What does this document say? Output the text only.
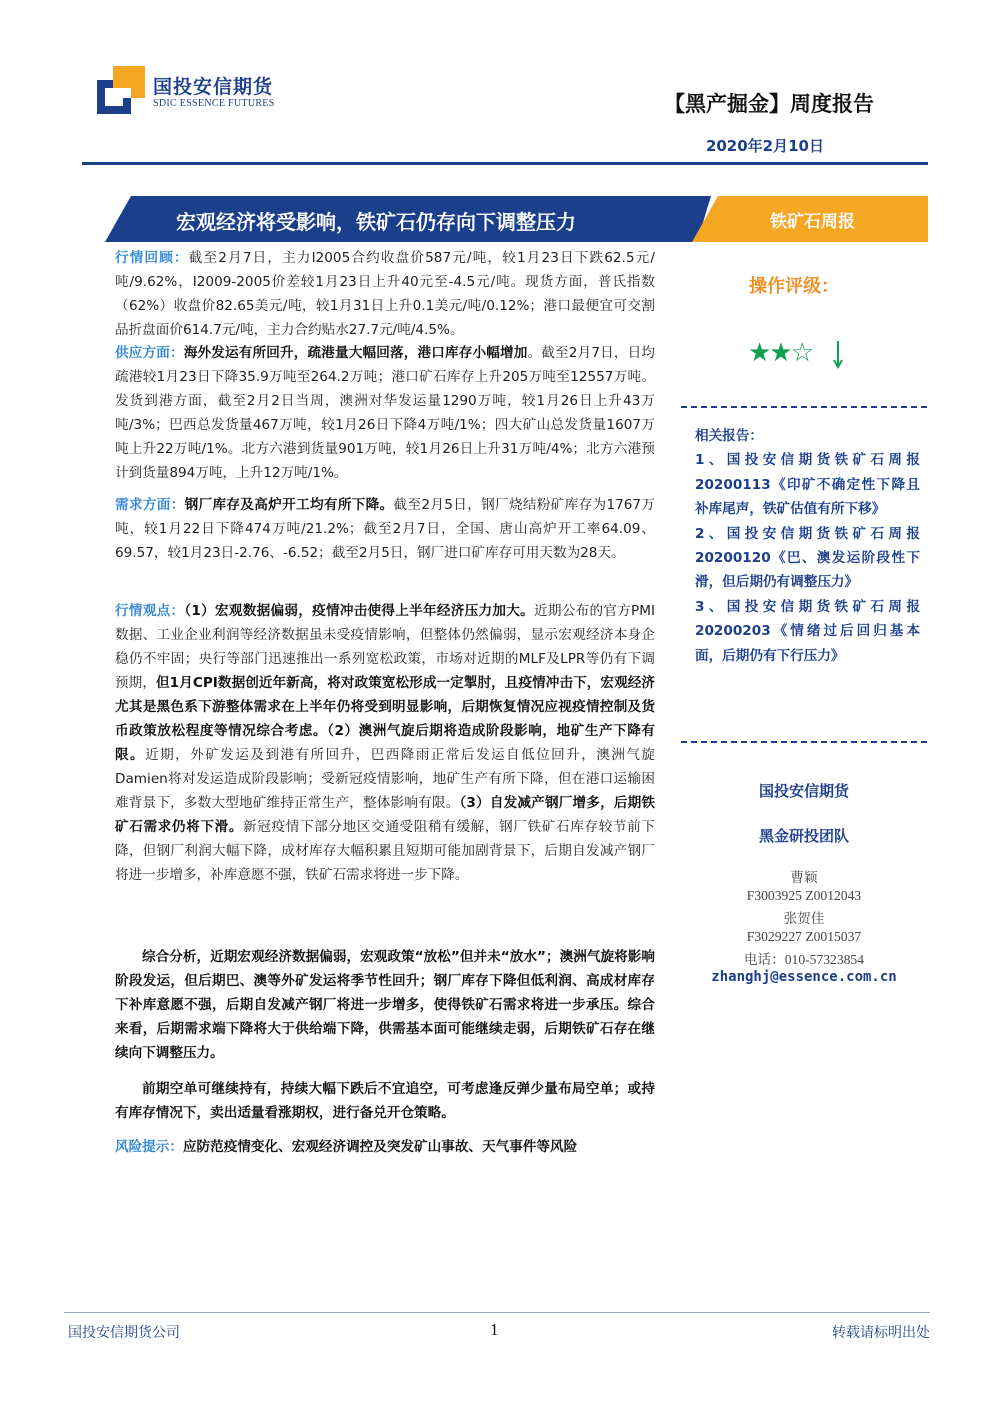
国投安信期货
SDIC ESSENCE FUTURES	【黑产掘金】周度报告
2020年2月10日
宏观经济将受影响，铁矿石仍存向下调整压力	铁矿石周报
行情回顾：截至2月7日，主力I2005合约收盘价587元/吨，较1月23日下跌62.5元/吨/9.62%，I2009-2005价差较1月23日上升40元至-4.5元/吨。现货方面，普氏指数（62%）收盘价82.65美元/吨，较1月31日上升0.1美元/吨/0.12%；港口最便宜可交割品折盘面价614.7元/吨，主力合约贴水27.7元/吨/4.5%。
供应方面：海外发运有所回升，疏港量大幅回落，港口库存小幅增加。截至2月7日，日均疏港较1月23日下降35.9万吨至264.2万吨；港口矿石库存上升205万吨至12557万吨。发货到港方面，截至2月2日当周，澳洲对华发运量1290万吨，较1月26日上升43万吨/3%；巴西总发货量467万吨，较1月26日下降4万吨/1%；四大矿山总发货量1607万吨上升22万吨/1%。北方六港到货量901万吨，较1月26日上升31万吨/4%；北方六港预计到货量894万吨，上升12万吨/1%。
需求方面：钢厂库存及高炉开工均有所下降。截至2月5日，钢厂烧结粉矿库存为1767万吨，较1月22日下降474万吨/21.2%；截至2月7日，全国、唐山高炉开工率64.09、69.57，较1月23日-2.76、-6.52；截至2月5日，钢厂进口矿库存可用天数为28天。
行情观点：（1）宏观数据偏弱，疫情冲击使得上半年经济压力加大。近期公布的官方PMI数据、工业企业利润等经济数据虽未受疫情影响，但整体仍然偏弱，显示宏观经济本身企稳仍不牢固；央行等部门迅速推出一系列宽松政策，市场对近期的MLF及LPR等仍有下调预期，但1月CPI数据创近年新高，将对政策宽松形成一定掣肘，且疫情冲击下，宏观经济尤其是黑色系下游整体需求在上半年仍将受到明显影响，后期恢复情况应视疫情控制及货币政策放松程度等情况综合考虑。（2）澳洲气旋后期将造成阶段影响，地矿生产下降有限。近期，外矿发运及到港有所回升，巴西降雨正常后发运自低位回升，澳洲气旋Damien将对发运造成阶段影响；受新冠疫情影响，地矿生产有所下降，但在港口运输困难背景下，多数大型地矿维持正常生产，整体影响有限。（3）自发减产钢厂增多，后期铁矿石需求仍将下滑。新冠疫情下部分地区交通受阻稍有缓解，钢厂铁矿石库存较节前下降，但钢厂利润大幅下降，成材库存大幅积累且短期可能加剧背景下，后期自发减产钢厂将进一步增多，补库意愿不强，铁矿石需求将进一步下降。
综合分析，近期宏观经济数据偏弱，宏观政策“放松”但并未“放水”；澳洲气旋将影响阶段发运，但后期巴、澳等外矿发运将季节性回升；钢厂库存下降但低利润、高成材库存下补库意愿不强，后期自发减产钢厂将进一步增多，使得铁矿石需求将进一步承压。综合来看，后期需求端下降将大于供给端下降，供需基本面可能继续走弱，后期铁矿石存在继续向下调整压力。
前期空单可继续持有，持续大幅下跌后不宜追空，可考虑逢反弹少量布局空单；或持有库存情况下，卖出适量看涨期权，进行备兑开仓策略。
风险提示：应防范疫情变化、宏观经济调控及突发矿山事故、天气事件等风险
操作评级：
★★☆
相关报告：
1、国投安信期货铁矿石周报20200113《印矿不确定性下降且补库尾声，铁矿估值有所下移》
2、国投安信期货铁矿石周报20200120《巴、澳发运阶段性下滑，但后期仍有调整压力》
3、国投安信期货铁矿石周报20200203《情绪过后回归基本面，后期仍有下行压力》
国投安信期货
黑金研投团队
曹颖
F3003925 Z0012043
张贺佳
F3029227 Z0015037
电话：010-57323854
zhanghj@essence.com.cn
国投安信期货公司	1	转载请标明出处
